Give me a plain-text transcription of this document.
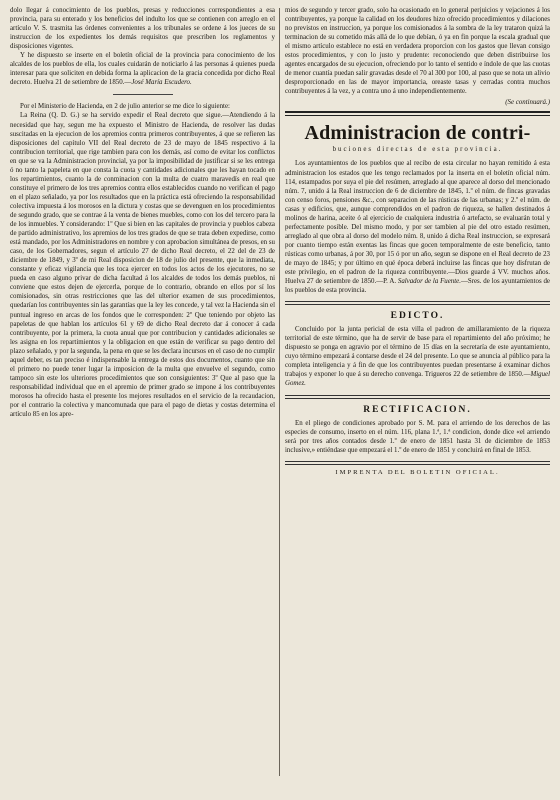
dolo llegar á conocimiento de los pueblos, presas y reducciones correspondientes a esa provincia, para su enterado y los beneficios del indulto los que se contienen con arreglo en el artículo V. S. trasmita las órdenes convenientes a los tribunales se ordene á los jueces de su instruccion de los expedientes los demás requisitos que prescriben los reglamentos y disposiciones vigentes.

Y he dispuesto se inserte en el boletín oficial de la provincia para conocimiento de los alcaldes de los pueblos de ella, los cuales cuidarán de noticiarlo á las personas á quienes pueda interesar para que soliciten en debida forma la aplicacion de la gracia concedida por dicho Real decreto. Huelva 21 de setiembre de 1850.—José María Escudero.

Por el Ministerio de Hacienda, en 2 de julio anterior se me dice lo siguiente:

La Reina (Q. D. G.) se ha servido expedir el Real decreto que sigue.—Atendiendo á la necesidad que hay, segun me ha expuesto el Ministro de Hacienda, de resolver las dudas suscitadas en la ejecucion de los apremios contra primeros contribuyentes, á que se refieren las disposiciones del capítulo VII del Real decreto de 23 de mayo de 1845 respectivo á la contribucion territorial, que rige tambien para con los demás, así como de evitar los conflictos en que se va la Administracion provincial, ya por la imposibilidad de justificar si se les entrega ó no tanto la papeleta en que consta la cuota y cantidades adicionales que les hayan tocado en los repartimientos, cuanto la de conminacion con la multa de cuatro maravedís en real que constituye el primero de los tres apremios contra ellos establecidos cuando no verifican el pago en el plazo señalado, ya por los resultados que en la práctica está ofreciendo la responsabilidad colectiva impuesta á los morosos en la dictura y costas que se devenguen en los procedimientos de segundo grado, que se contrae á la venta de bienes muebles, como con los del tercero para la de los inmuebles. Y considerando: 1º Que si bien en las capitales de provincia y pueblos cabeza de partido administrativo, los apremios de los tres grados de que se trata deben expedirse, como está mandado, por los Administradores en nombre y con aprobacion simultánea de presos, en su caso, de los Gobernadores, segun el artículo 27 de dicho Real decreto, el 22 del de 23 de diciembre de 1849, y 3º de mi Real disposicion de 18 de julio del presente, que la inmediata, constante y eficaz vigilancia que les toca ejercer en todos los actos de los ejecutores, no se pueda en caso alguno privar de dicha facultad á los alcaldes de todos los demás pueblos, ni conviene que estos dejen de ejercerla, porque de lo contrario, obrando en ellos por sí los comisionados, sin otras restricciones que las del ulterior examen de sus procedimientos, quedarían los contribuyentes sin las garantías que la ley les concede, y tal vez la Hacienda sin el puntual ingreso en arcas de los fondos que le corresponden: 2º Que teniendo por objeto las papeletas de que hablan los artículos 61 y 69 de dicho Real decreto dar á conocer á cada contribuyente, por la primera, la cuota anual que por contribucion y cantidades adicionales se les asigna en los repartimientos y la obligacion en que están de verificar su pago dentro del plazo señalado, y por la segunda, la pena en que se les declara incursos en el caso de no cumplir aquel deber, es tan preciso é indispensable la entrega de estos dos documentos, cuanto que sin el primero no puede tener lugar la imposicion de la multa que envuelve el segundo, como tampoco sin este los ulteriores procedimientos que son consiguientes: 3º Que al paso que la responsabilidad individual que en el apremio de primer grado se impone á los contribuyentes morosos ha ofrecido hasta el presente los mejores resultados en el servicio de la recaudacion, por el contrario la colectiva y mancomunada que para el pago de dietas y costas determina el artículo 85 en los apre-

mios de segundo y tercer grado, solo ha ocasionado en lo general perjuicios y vejaciones á los contribuyentes, ya porque la calidad en los deudores hizo ofrecido procedimientos y dilaciones no previstos en instruccion, ya porque los comisionados á la sombra de la ley trataron quizá la terminacion de su cometido más allá de lo que debían, ó ya en fin porque la escala gradual que el mismo artículo establece no está en verdadera proporcion con los gastos que llevan consigo estos procedimientos, y con lo justo y prudente: reconociendo que deben distribuirse los agentes encargados de su ejecucion, ofreciendo por lo tanto el sentido e índole de que las cuotas de menor cuantía puedan salir gravadas desde el 70 al 300 por 100, al paso que se nota un alivio desproporcionado en las de mayor importancia, oreaste tasas y cerradas contra muchos contribuyentes á la vez, y a contra uno á uno independientemente.

(Se continuará.)
Administracion de contri-
buciones directas de esta provincia.

Los ayuntamientos de los pueblos que al recibo de esta circular no hayan remitido á esta administracion los estados que les tengo reclamados por la inserta en el boletín oficial núm. 114, estampados por suya el pie del resúmen, arreglado al que aparece al dorso del mencionado núm. 7, unido á la Real instruccion de 6 de diciembre de 1845, 1.º el núm. de fincas gravadas con censo foros, pensiones &c., con separacion de las rústicas de las urbanas; y 2.º el núm. de casas y edificios, que, aunque comprendidos en el padron de riqueza, se hallen destinados á molinos de harina, aceite ó al ejercicio de cualquiera industria ó artefacto, se evaluarán total y perfectamente posible. Del mismo modo, y por ser tambien al pie del otro estado resúmen, arreglado al que obra al dorso del modelo núm. 8, unido á dicha Real instruccion, se expresará por cuanto tiempo están exentas las fincas que gocen temporalmente de este beneficio, tanto rústicas como urbanas, á por 30, por 15 ó por un año, segun se dispone en el Real decreto de 23 de mayo de 1845; y por último en qué época deberá incluirse las fincas que hoy disfrutan de este privilegio, en el padron de la riqueza contribuyente.—Dios guarde á VV. muchos años. Huelva 27 de setiembre de 1850.—P. A. Salvador de la Fuente.—Sres. de los ayuntamientos de los pueblos de esta provincia.

EDICTO.

Concluido por la junta pericial de esta villa el padron de amillaramiento de la riqueza territorial de este término, que ha de servir de base para el repartimiento del año próximo; he dispuesto se ponga en agravio por el término de 15 días en la secretaría de este ayuntamiento, cuyo término empezará á contarse desde el 24 del presente. Lo que se anuncia al público para la completa inteligencia y á fin de que los contribuyentes puedan presentarse á examinar dichos trabajos y exponer lo que á su derecho convenga. Trigueros 22 de setiembre de 1850.—Miguel Gomez.

RECTIFICACION.

En el pliego de condiciones aprobado por S. M. para el arriendo de los derechos de las especies de consumo, inserto en el núm. 116, plana 1.ª, 1.ª condicion, donde dice «el arriendo será por tres años contados desde 1.º de enero de 1851 hasta 31 de diciembre de 1853 inclusive,» entiéndase que empezará el 1.º de enero de 1851 y concluirá en final de 1853.

IMPRENTA DEL BOLETIN OFICIAL.
